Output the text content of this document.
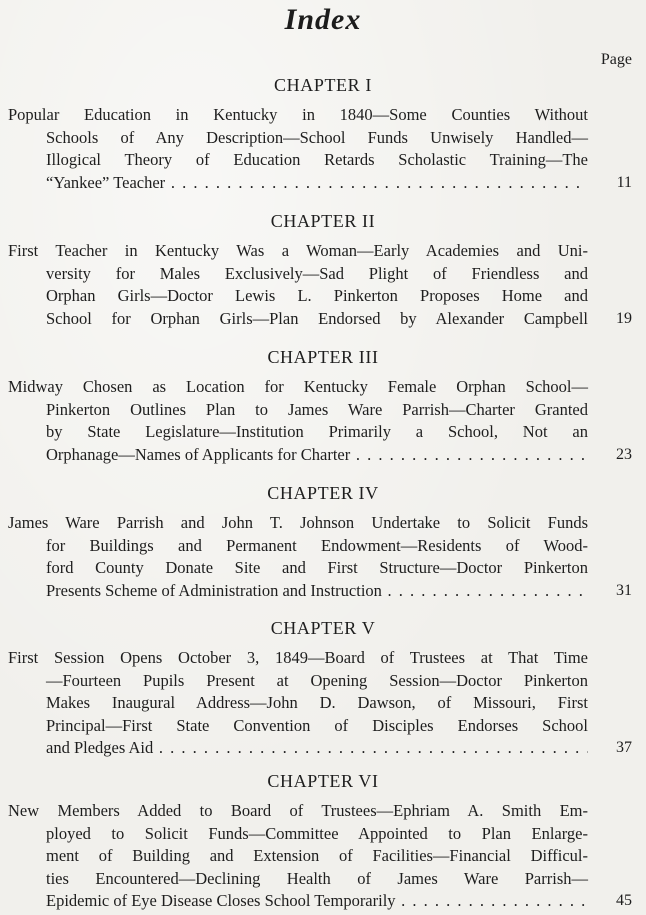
Index
Page
CHAPTER I
Popular Education in Kentucky in 1840—Some Counties Without
Schools of Any Description—School Funds Unwisely Handled—
Illogical Theory of Education Retards Scholastic Training—The
“Yankee” Teacher . . .	11
CHAPTER II
First Teacher in Kentucky Was a Woman—Early Academies and Uni-
versity for Males Exclusively—Sad Plight of Friendless and
Orphan Girls—Doctor Lewis L. Pinkerton Proposes Home and
School for Orphan Girls—Plan Endorsed by Alexander Campbell	19
CHAPTER III
Midway Chosen as Location for Kentucky Female Orphan School—
Pinkerton Outlines Plan to James Ware Parrish—Charter Granted
by State Legislature—Institution Primarily a School, Not an
Orphanage—Names of Applicants for Charter . . .	23
CHAPTER IV
James Ware Parrish and John T. Johnson Undertake to Solicit Funds
for Buildings and Permanent Endowment—Residents of Wood-
ford County Donate Site and First Structure—Doctor Pinkerton
Presents Scheme of Administration and Instruction . . .	31
CHAPTER V
First Session Opens October 3, 1849—Board of Trustees at That Time
—Fourteen Pupils Present at Opening Session—Doctor Pinkerton
Makes Inaugural Address—John D. Dawson, of Missouri, First
Principal—First State Convention of Disciples Endorses School
and Pledges Aid . . .	37
CHAPTER VI
New Members Added to Board of Trustees—Ephriam A. Smith Em-
ployed to Solicit Funds—Committee Appointed to Plan Enlarge-
ment of Building and Extension of Facilities—Financial Difficul-
ties Encountered—Declining Health of James Ware Parrish—
Epidemic of Eye Disease Closes School Temporarily . . .	45
